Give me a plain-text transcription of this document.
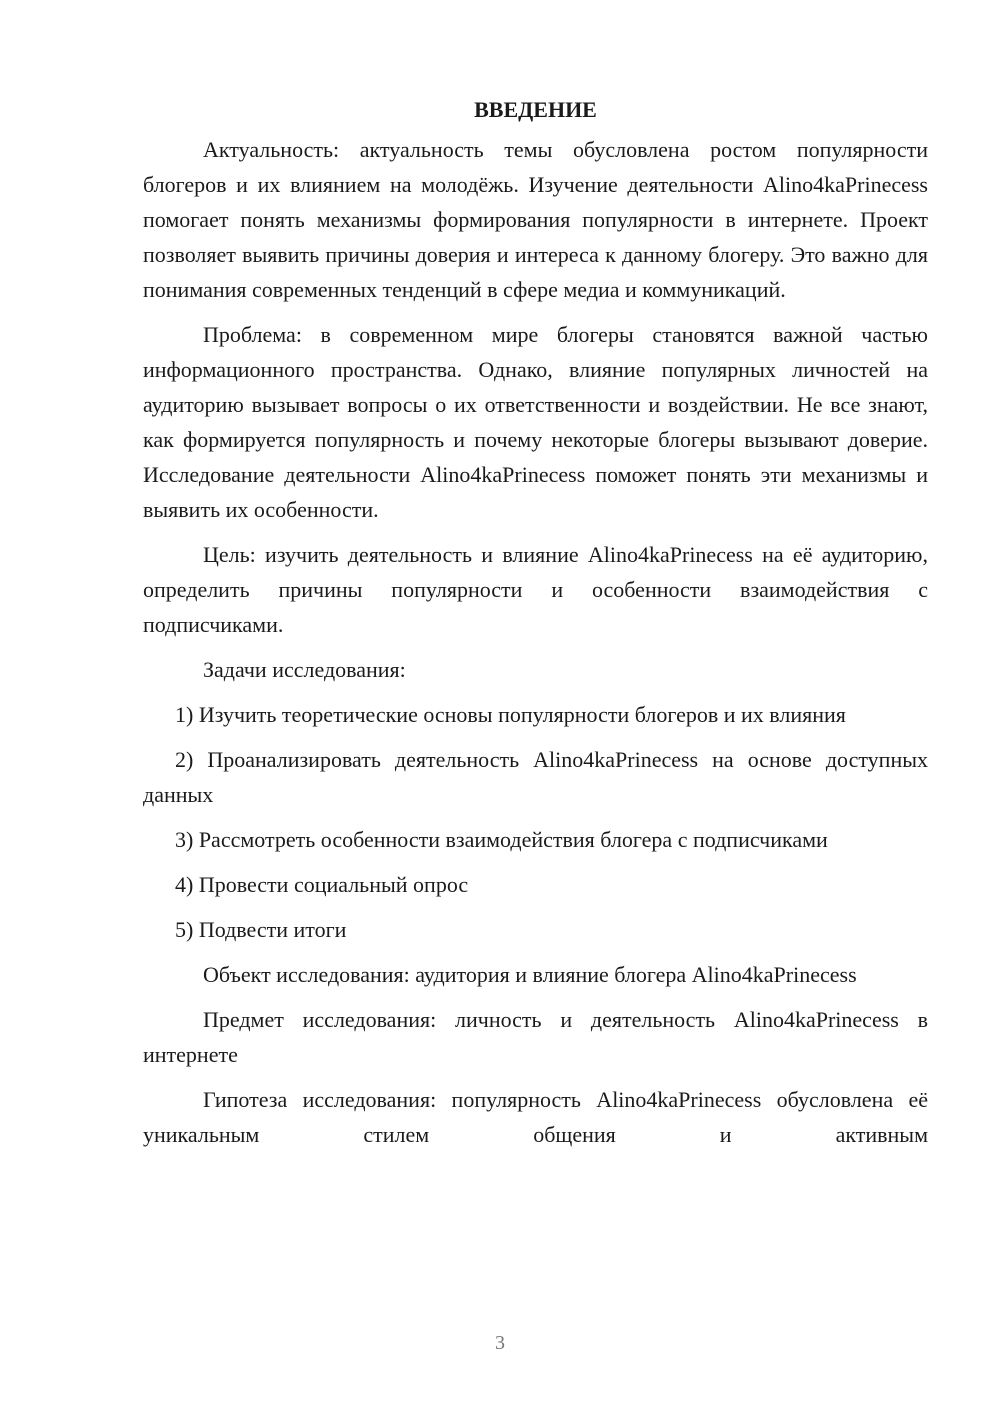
ВВЕДЕНИЕ

Актуальность: актуальность темы обусловлена ростом популярности блогеров и их влиянием на молодёжь. Изучение деятельности Alino4kaPrinecess помогает понять механизмы формирования популярности в интернете. Проект позволяет выявить причины доверия и интереса к данному блогеру. Это важно для понимания современных тенденций в сфере медиа и коммуникаций.

Проблема: в современном мире блогеры становятся важной частью информационного пространства. Однако, влияние популярных личностей на аудиторию вызывает вопросы о их ответственности и воздействии. Не все знают, как формируется популярность и почему некоторые блогеры вызывают доверие. Исследование деятельности Alino4kaPrinecess поможет понять эти механизмы и выявить их особенности.

Цель: изучить деятельность и влияние Alino4kaPrinecess на её аудиторию, определить причины популярности и особенности взаимодействия с подписчиками.

Задачи исследования:

1) Изучить теоретические основы популярности блогеров и их влияния

2) Проанализировать деятельность Alino4kaPrinecess на основе доступных данных

3) Рассмотреть особенности взаимодействия блогера с подписчиками

4) Провести социальный опрос

5) Подвести итоги

Объект исследования: аудитория и влияние блогера Alino4kaPrinecess

Предмет исследования: личность и деятельность Alino4kaPrinecess в интернете

Гипотеза исследования: популярность Alino4kaPrinecess обусловлена её уникальным стилем общения и активным

3
